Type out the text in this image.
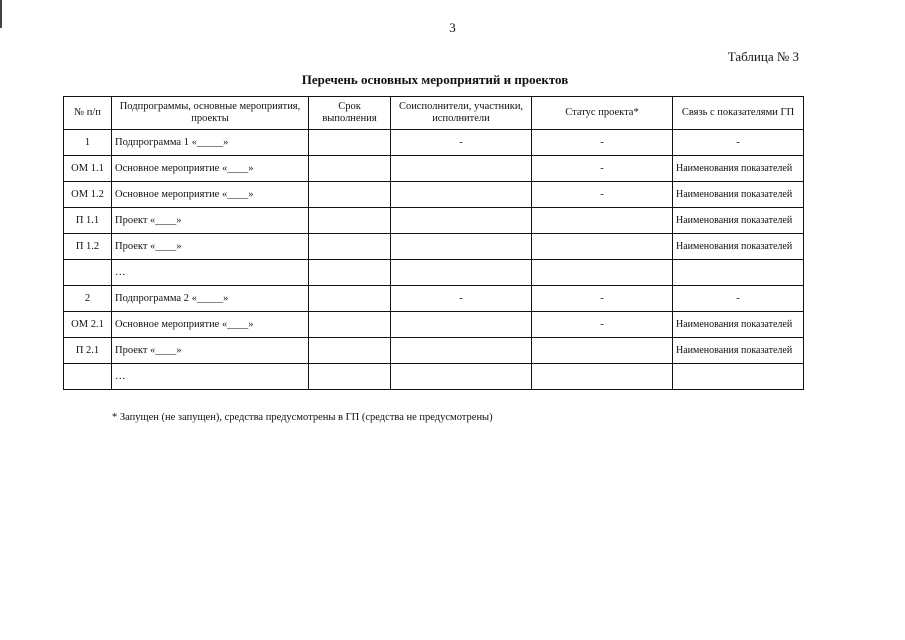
3
Таблица № 3
Перечень основных мероприятий и проектов
№ п/п	Подпрограммы, основные мероприятия, проекты	Срок выполнения	Соисполнители, участники, исполнители	Статус проекта*	Связь с показателями ГП
1	Подпрограмма 1 «_____»		-	-	-
ОМ 1.1	Основное мероприятие «____»			-	Наименования показателей
ОМ 1.2	Основное мероприятие «____»			-	Наименования показателей
П 1.1	Проект «____»				Наименования показателей
П 1.2	Проект «____»				Наименования показателей
	…				
2	Подпрограмма 2 «_____»		-	-	-
ОМ 2.1	Основное мероприятие «____»			-	Наименования показателей
П 2.1	Проект «____»				Наименования показателей
	…				
* Запущен (не запущен), средства предусмотрены в ГП (средства не предусмотрены)
